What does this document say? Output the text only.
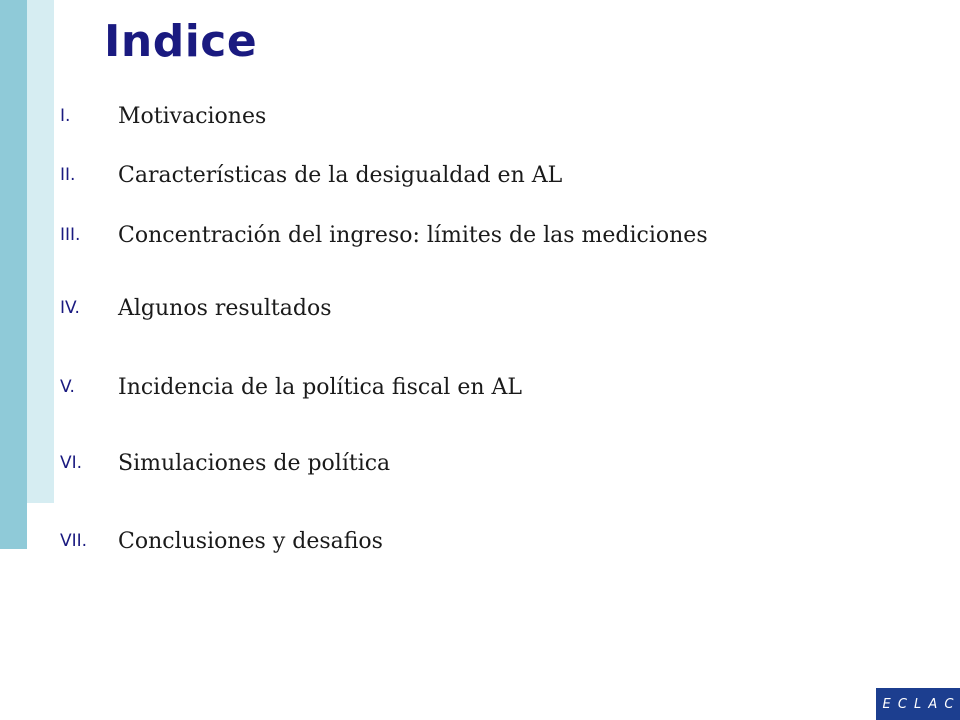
Indice
I.	Motivaciones
II.	Características de la desigualdad en AL
III.	Concentración del ingreso: límites de las mediciones
IV.	Algunos resultados
V.	Incidencia de la política fiscal en AL
VI.	Simulaciones de política
VII.	Conclusiones y desafios
E C L A C
